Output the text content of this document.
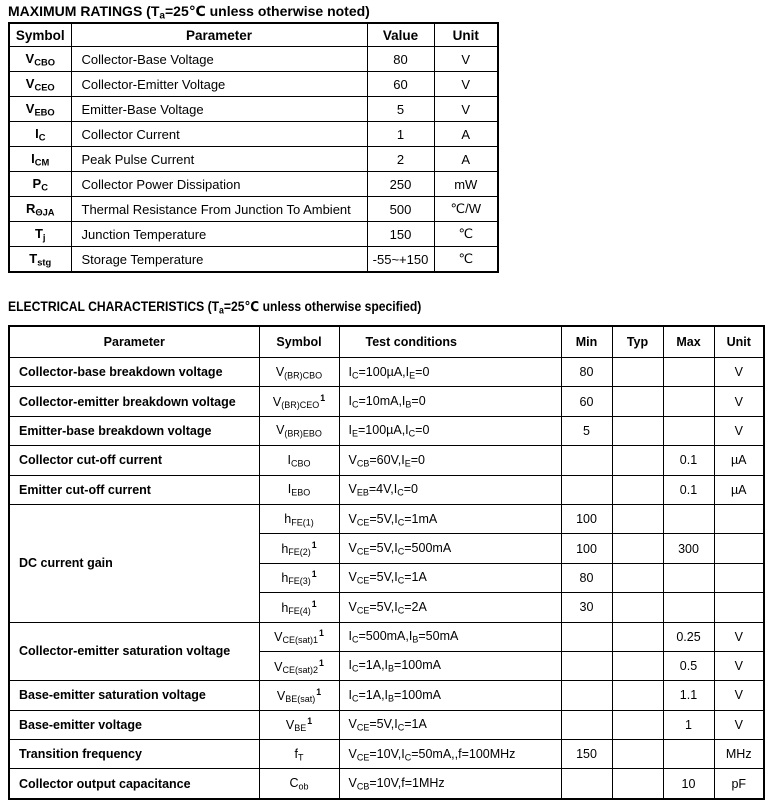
MAXIMUM RATINGS ($T_a=25℃$ unless otherwise noted)
Symbol	Parameter	Value	Unit
$V_{CBO}$	Collector-Base Voltage	80	V
$V_{CEO}$	Collector-Emitter Voltage	60	V
$V_{EBO}$	Emitter-Base Voltage	5	V
$I_C$	Collector Current	1	A
$I_{CM}$	Peak Pulse Current	2	A
$P_C$	Collector Power Dissipation	250	mW
$R_{\Theta JA}$	Thermal Resistance From Junction To Ambient	500	℃/W
$T_j$	Junction Temperature	150	℃
$T_{stg}$	Storage Temperature	-55~+150	℃
ELECTRICAL CHARACTERISTICS ($T_a=25℃$ unless otherwise specified)
Parameter	Symbol	Test conditions	Min	Typ	Max	Unit
Collector-base breakdown voltage	$V_{(BR)CBO}$	$I_C=100\mu A,I_E=0$	80			V
Collector-emitter breakdown voltage	$V_{(BR)CEO}^1$	$I_C=10mA,I_B=0$	60			V
Emitter-base breakdown voltage	$V_{(BR)EBO}$	$I_E=100\mu A,I_C=0$	5			V
Collector cut-off current	$I_{CBO}$	$V_{CB}=60V,I_E=0$			0.1	µA
Emitter cut-off current	$I_{EBO}$	$V_{EB}=4V,I_C=0$			0.1	µA
DC current gain	$h_{FE(1)}$	$V_{CE}=5V,I_C=1mA$	100			
	$h_{FE(2)}^1$	$V_{CE}=5V,I_C=500mA$	100		300	
	$h_{FE(3)}^1$	$V_{CE}=5V,I_C=1A$	80			
	$h_{FE(4)}^1$	$V_{CE}=5V,I_C=2A$	30			
Collector-emitter saturation voltage	$V_{CE(sat)1}^1$	$I_C=500mA,I_B=50mA$			0.25	V
	$V_{CE(sat)2}^1$	$I_C=1A,I_B=100mA$			0.5	V
Base-emitter saturation voltage	$V_{BE(sat)}^1$	$I_C=1A,I_B=100mA$			1.1	V
Base-emitter voltage	$V_{BE}^1$	$V_{CE}=5V,I_C=1A$			1	V
Transition frequency	$f_T$	$V_{CE}=10V,I_C=50mA,,f=100MHz$	150			MHz
Collector output capacitance	$C_{ob}$	$V_{CB}=10V,f=1MHz$			10	pF
